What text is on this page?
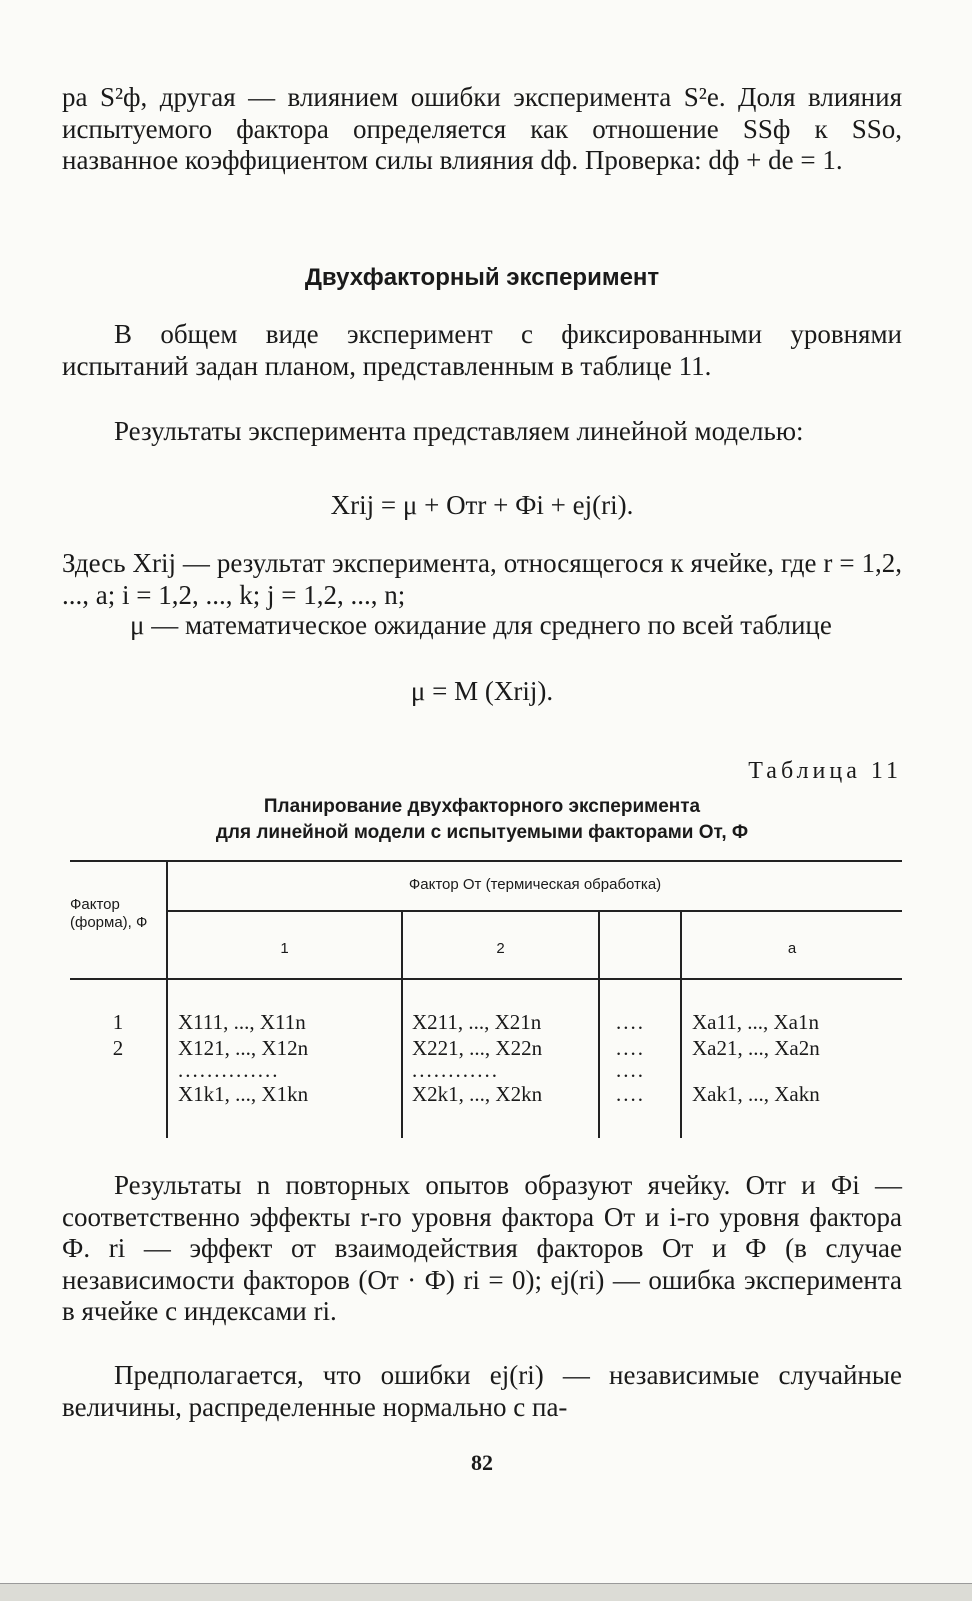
ра S²ф, другая — влиянием ошибки эксперимента S²e. Доля влияния испытуемого фактора определяется как отношение SSф к SSo, названное коэффициентом силы влияния dф. Проверка: dф + de = 1.

Двухфакторный эксперимент

В общем виде эксперимент с фиксированными уровнями испытаний задан планом, представленным в таблице 11.

Результаты эксперимента представляем линейной моделью:

Xrij = μ + Oтr + Фi + ej(ri).

Здесь Xrij — результат эксперимента, относящегося к ячейке, где r = 1,2, ..., a; i = 1,2, ..., k; j = 1,2, ..., n;

μ — математическое ожидание для среднего по всей таблице

μ = M (Xrij).
Таблица 11
Планирование двухфакторного эксперимента
для линейной модели с испытуемыми факторами Oт, Ф
Фактор (форма), Ф
Фактор Oт (термическая обработка)
1	2	a
1
2
X111, ..., X11n
X121, ..., X12n
..............
X1k1, ..., X1kn
X211, ..., X21n
X221, ..., X22n
............
X2k1, ..., X2kn
....
....
....
....
Xa11, ..., Xa1n
Xa21, ..., Xa2n
Xak1, ..., Xakn

Результаты n повторных опытов образуют ячейку. Oтr и Фi — соответственно эффекты r-го уровня фактора Oт и i-го уровня фактора Ф. ri — эффект от взаимодействия факторов Oт и Ф (в случае независимости факторов (Oт · Ф) ri = 0); ej(ri) — ошибка эксперимента в ячейке с индексами ri.

Предполагается, что ошибки ej(ri) — независимые случайные величины, распределенные нормально с па-

82
